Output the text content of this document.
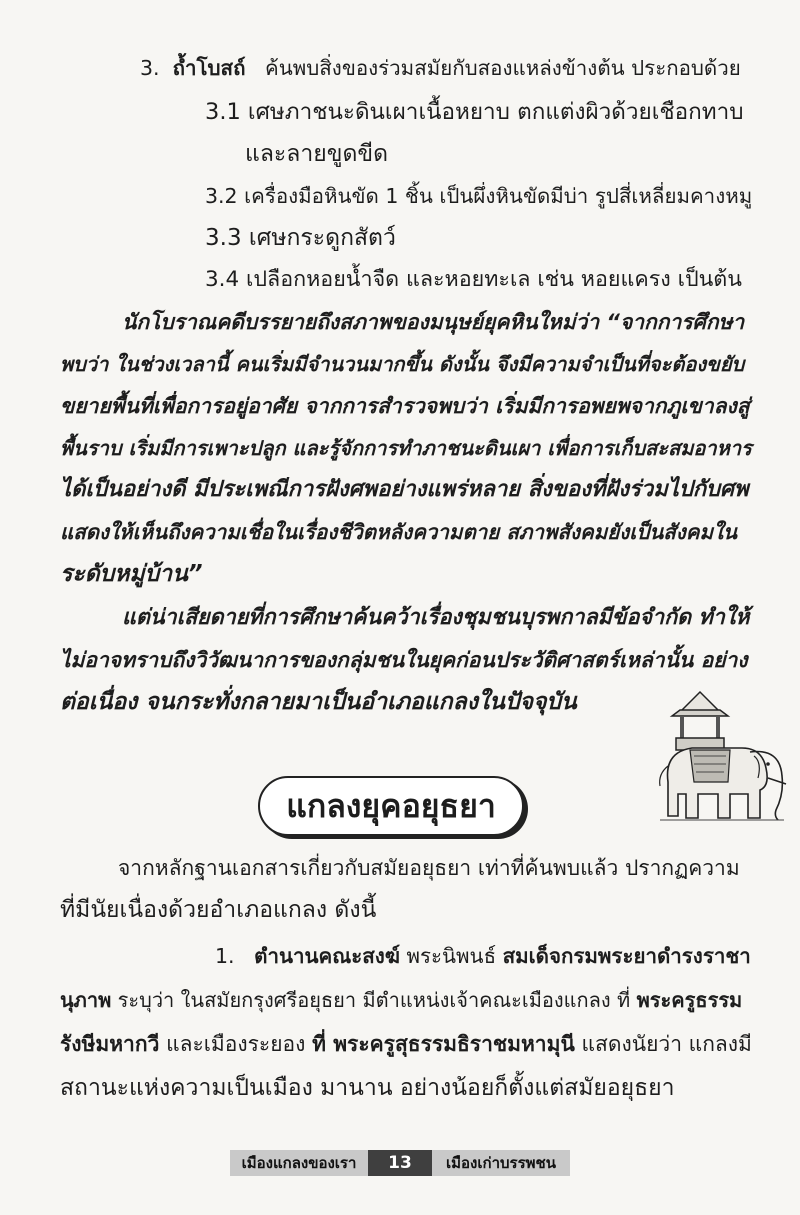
3. ถ้ำโบสถ์ ค้นพบสิ่งของร่วมสมัยกับสองแหล่งข้างต้น ประกอบด้วย
3.1 เศษภาชนะดินเผาเนื้อหยาบ ตกแต่งผิวด้วยเชือกทาบ
และลายขูดขีด
3.2 เครื่องมือหินขัด 1 ชิ้น เป็นผึ่งหินขัดมีบ่า รูปสี่เหลี่ยมคางหมู
3.3 เศษกระดูกสัตว์
3.4 เปลือกหอยน้ำจืด และหอยทะเล เช่น หอยแครง เป็นต้น
นักโบราณคดีบรรยายถึงสภาพของมนุษย์ยุคหินใหม่ว่า “จากการศึกษา
พบว่า ในช่วงเวลานี้ คนเริ่มมีจำนวนมากขึ้น ดังนั้น จึงมีความจำเป็นที่จะต้องขยับ
ขยายพื้นที่เพื่อการอยู่อาศัย จากการสำรวจพบว่า เริ่มมีการอพยพจากภูเขาลงสู่
พื้นราบ เริ่มมีการเพาะปลูก และรู้จักการทำภาชนะดินเผา เพื่อการเก็บสะสมอาหาร
ได้เป็นอย่างดี มีประเพณีการฝังศพอย่างแพร่หลาย สิ่งของที่ฝังร่วมไปกับศพ
แสดงให้เห็นถึงความเชื่อในเรื่องชีวิตหลังความตาย สภาพสังคมยังเป็นสังคมใน
ระดับหมู่บ้าน”
แต่น่าเสียดายที่การศึกษาค้นคว้าเรื่องชุมชนบุรพกาลมีข้อจำกัด ทำให้
ไม่อาจทราบถึงวิวัฒนาการของกลุ่มชนในยุคก่อนประวัติศาสตร์เหล่านั้น อย่าง
ต่อเนื่อง จนกระทั่งกลายมาเป็นอำเภอแกลงในปัจจุบัน
แกลงยุคอยุธยา
จากหลักฐานเอกสารเกี่ยวกับสมัยอยุธยา เท่าที่ค้นพบแล้ว ปรากฏความ
ที่มีนัยเนื่องด้วยอำเภอแกลง ดังนี้
1. ตำนานคณะสงฆ์ พระนิพนธ์ สมเด็จกรมพระยาดำรงราชา
นุภาพ ระบุว่า ในสมัยกรุงศรีอยุธยา มีตำแหน่งเจ้าคณะเมืองแกลง ที่ พระครูธรรม
รังษีมหากวี และเมืองระยอง ที่ พระครูสุธรรมธิราชมหามุนี แสดงนัยว่า แกลงมี
สถานะแห่งความเป็นเมือง มานาน อย่างน้อยก็ตั้งแต่สมัยอยุธยา
เมืองแกลงของเรา	13	เมืองเก่าบรรพชน
